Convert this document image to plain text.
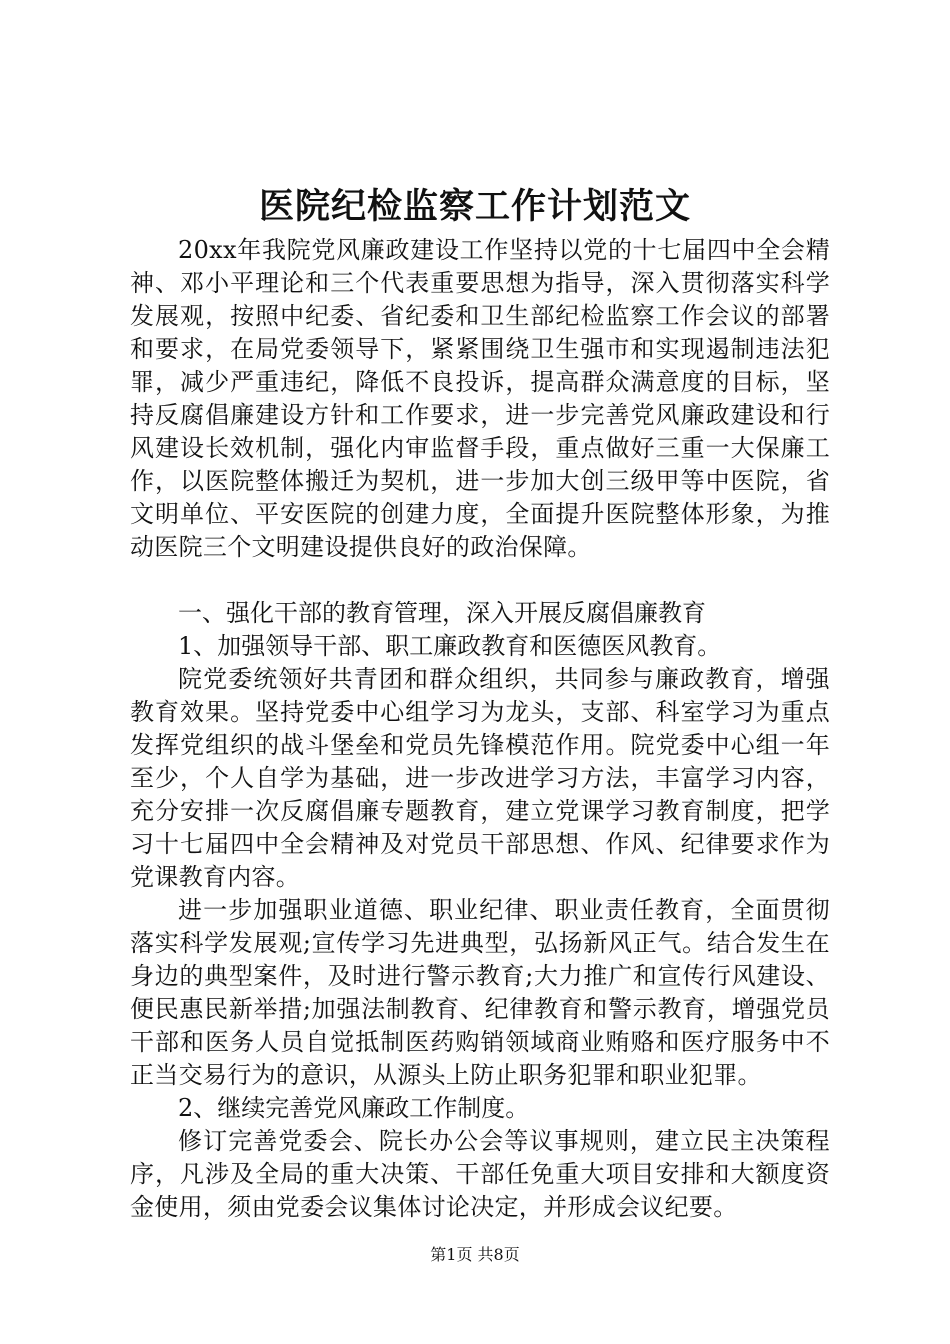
医院纪检监察工作计划范文

20xx年我院党风廉政建设工作坚持以党的十七届四中全会精神、邓小平理论和三个代表重要思想为指导，深入贯彻落实科学发展观，按照中纪委、省纪委和卫生部纪检监察工作会议的部署和要求，在局党委领导下，紧紧围绕卫生强市和实现遏制违法犯罪，减少严重违纪，降低不良投诉，提高群众满意度的目标，坚持反腐倡廉建设方针和工作要求，进一步完善党风廉政建设和行风建设长效机制，强化内审监督手段，重点做好三重一大保廉工作，以医院整体搬迁为契机，进一步加大创三级甲等中医院，省文明单位、平安医院的创建力度，全面提升医院整体形象，为推动医院三个文明建设提供良好的政治保障。

一、强化干部的教育管理，深入开展反腐倡廉教育

1、加强领导干部、职工廉政教育和医德医风教育。

院党委统领好共青团和群众组织，共同参与廉政教育，增强教育效果。坚持党委中心组学习为龙头，支部、科室学习为重点发挥党组织的战斗堡垒和党员先锋模范作用。院党委中心组一年至少，个人自学为基础，进一步改进学习方法，丰富学习内容，充分安排一次反腐倡廉专题教育，建立党课学习教育制度，把学习十七届四中全会精神及对党员干部思想、作风、纪律要求作为党课教育内容。

进一步加强职业道德、职业纪律、职业责任教育，全面贯彻落实科学发展观;宣传学习先进典型，弘扬新风正气。结合发生在身边的典型案件，及时进行警示教育;大力推广和宣传行风建设、便民惠民新举措;加强法制教育、纪律教育和警示教育，增强党员干部和医务人员自觉抵制医药购销领域商业贿赂和医疗服务中不正当交易行为的意识，从源头上防止职务犯罪和职业犯罪。

2、继续完善党风廉政工作制度。

修订完善党委会、院长办公会等议事规则，建立民主决策程序，凡涉及全局的重大决策、干部任免重大项目安排和大额度资金使用，须由党委会议集体讨论决定，并形成会议纪要。

第1页 共8页
